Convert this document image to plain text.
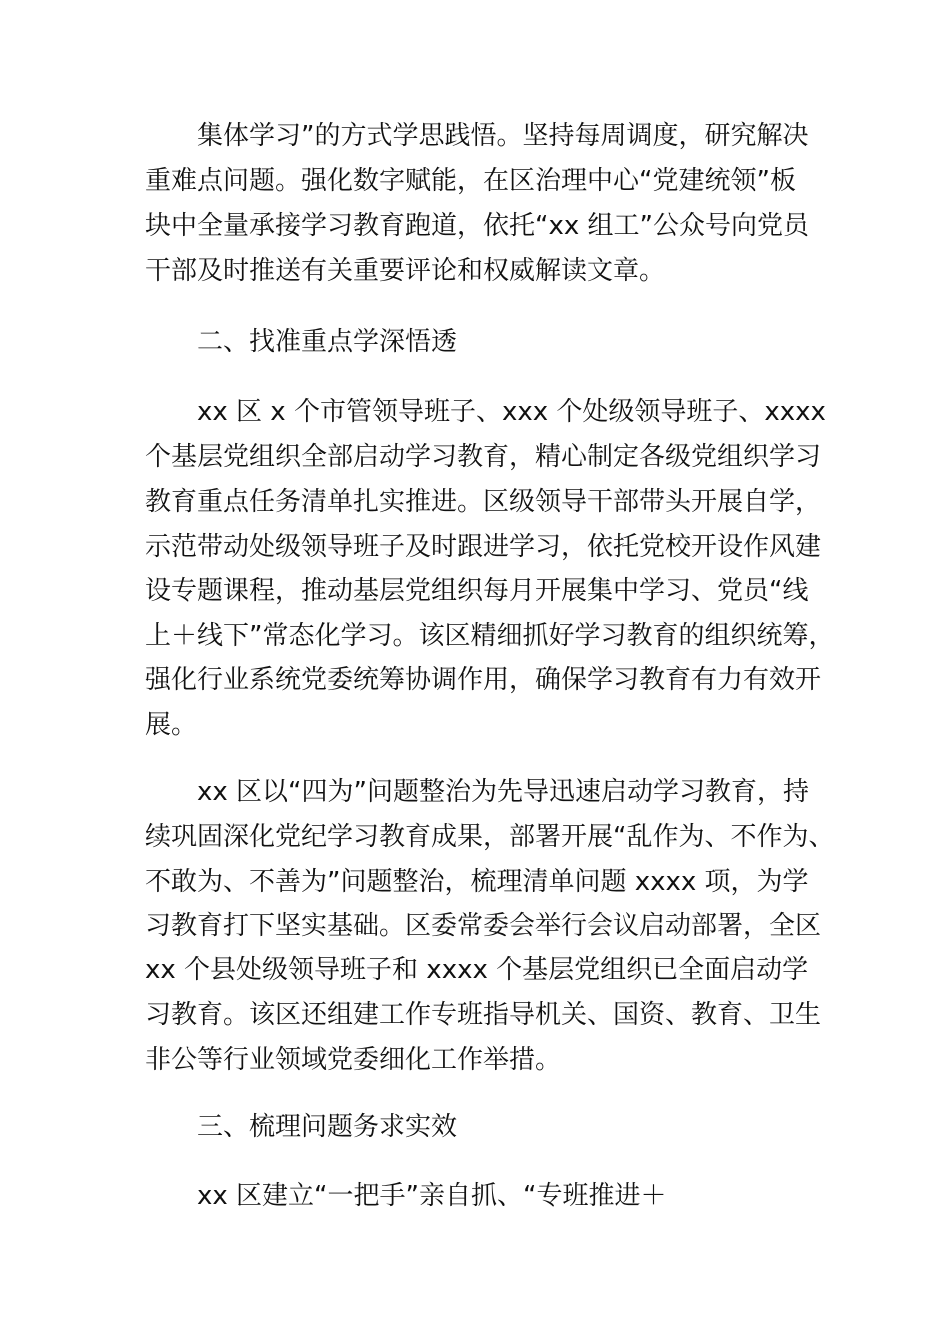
集体学习”的方式学思践悟。坚持每周调度，研究解决

重难点问题。强化数字赋能，在区治理中心“党建统领”板

块中全量承接学习教育跑道，依托“xx 组工”公众号向党员

干部及时推送有关重要评论和权威解读文章。

二、找准重点学深悟透

xx 区 x 个市管领导班子、xxx 个处级领导班子、xxxx

个基层党组织全部启动学习教育，精心制定各级党组织学习

教育重点任务清单扎实推进。区级领导干部带头开展自学，

示范带动处级领导班子及时跟进学习，依托党校开设作风建

设专题课程，推动基层党组织每月开展集中学习、党员“线

上＋线下”常态化学习。该区精细抓好学习教育的组织统筹，

强化行业系统党委统筹协调作用，确保学习教育有力有效开

展。

xx 区以“四为”问题整治为先导迅速启动学习教育，持

续巩固深化党纪学习教育成果，部署开展“乱作为、不作为、

不敢为、不善为”问题整治，梳理清单问题 xxxx 项，为学

习教育打下坚实基础。区委常委会举行会议启动部署，全区

xx 个县处级领导班子和 xxxx 个基层党组织已全面启动学

习教育。该区还组建工作专班指导机关、国资、教育、卫生

非公等行业领域党委细化工作举措。

三、梳理问题务求实效

xx 区建立“一把手”亲自抓、“专班推进＋
